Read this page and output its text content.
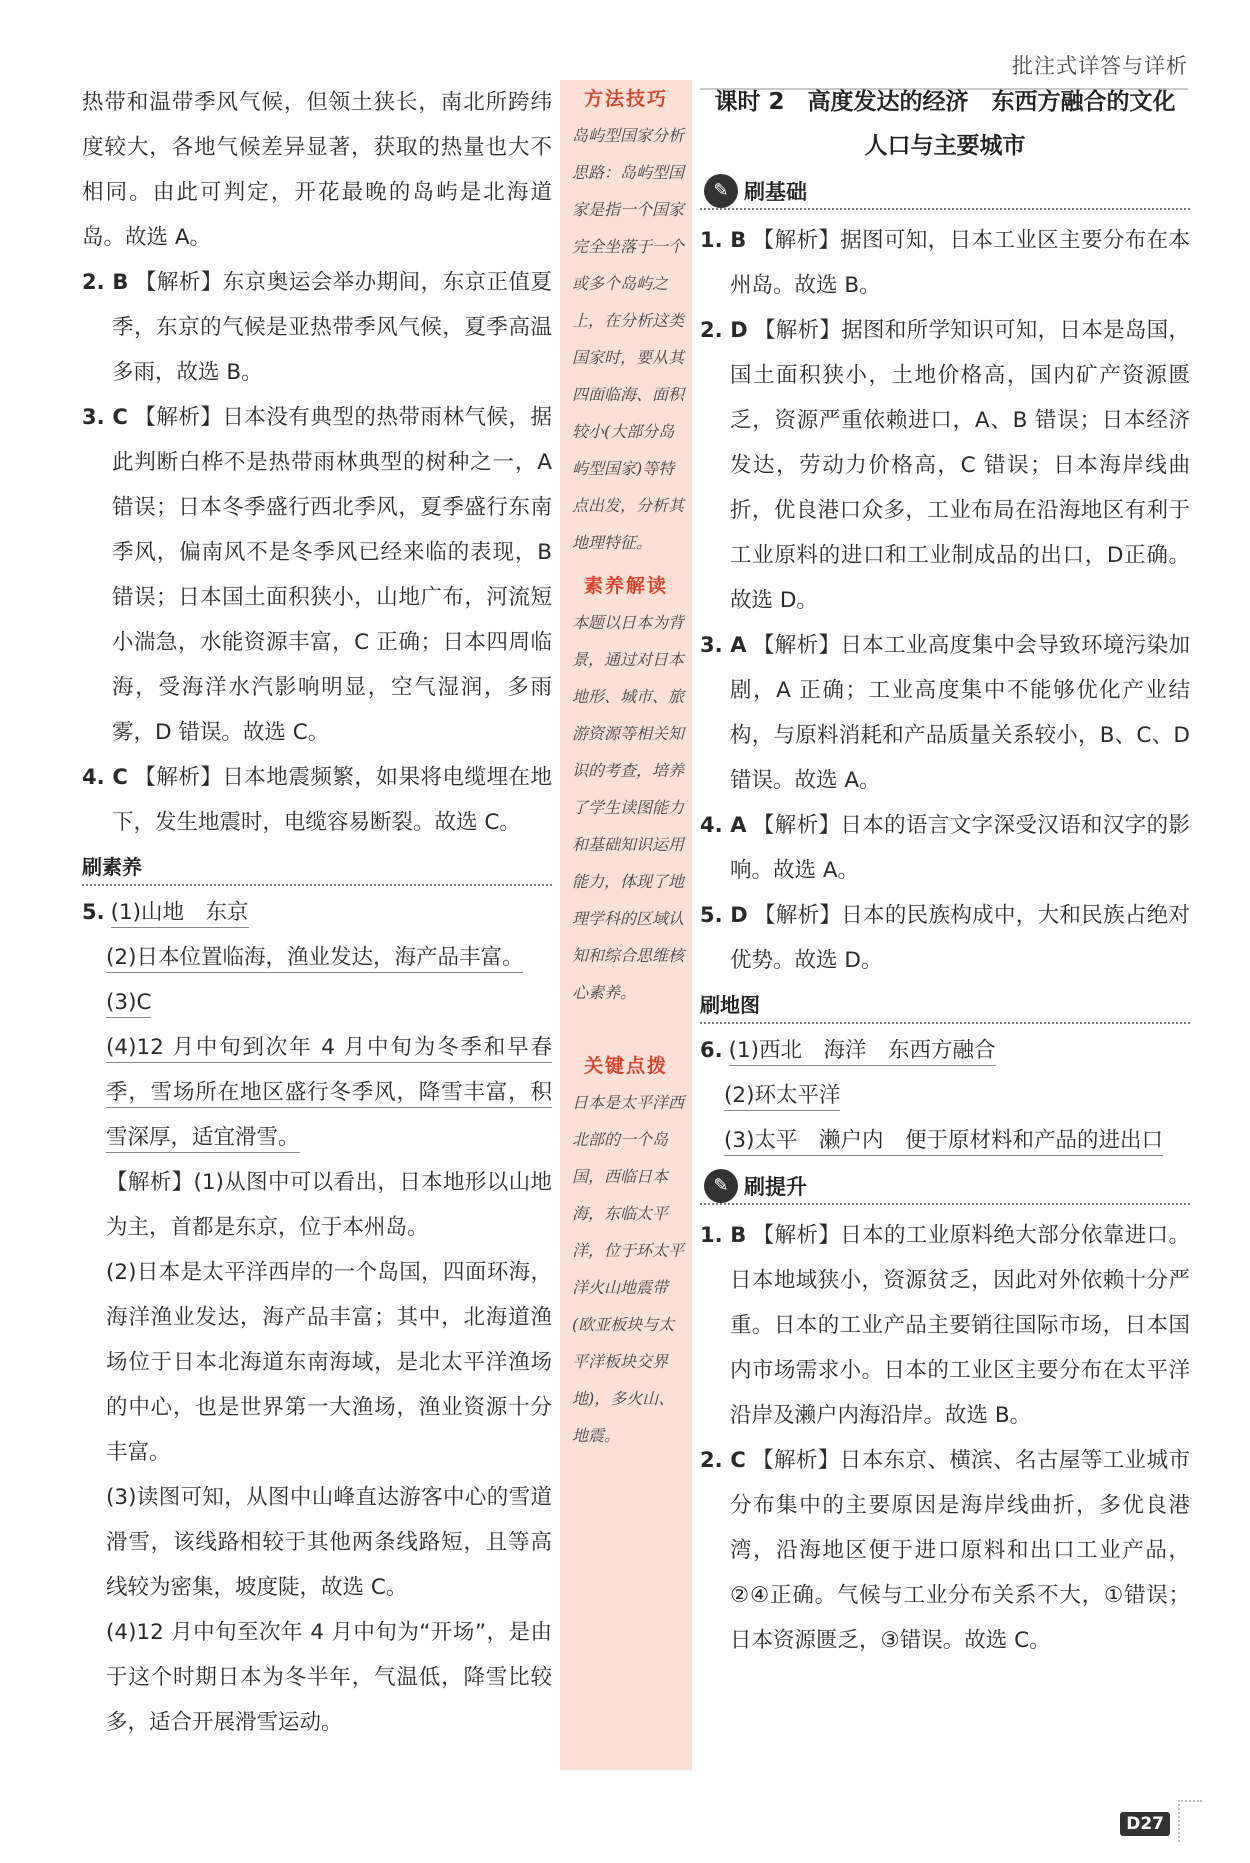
批注式详答与详析
热带和温带季风气候，但领土狭长，南北所跨纬度较大，各地气候差异显著，获取的热量也大不相同。由此可判定，开花最晚的岛屿是北海道岛。故选 A。
2. B 【解析】东京奥运会举办期间，东京正值夏季，东京的气候是亚热带季风气候，夏季高温多雨，故选 B。
3. C 【解析】日本没有典型的热带雨林气候，据此判断白桦不是热带雨林典型的树种之一，A错误；日本冬季盛行西北季风，夏季盛行东南季风，偏南风不是冬季风已经来临的表现，B错误；日本国土面积狭小，山地广布，河流短小湍急，水能资源丰富，C 正确；日本四周临海，受海洋水汽影响明显，空气湿润，多雨雾，D 错误。故选 C。
4. C 【解析】日本地震频繁，如果将电缆埋在地下，发生地震时，电缆容易断裂。故选 C。
刷素养
5. (1)山地　东京
(2)日本位置临海，渔业发达，海产品丰富。
(3)C
(4)12 月中旬到次年 4 月中旬为冬季和早春季，雪场所在地区盛行冬季风，降雪丰富，积雪深厚，适宜滑雪。
【解析】(1)从图中可以看出，日本地形以山地为主，首都是东京，位于本州岛。
(2)日本是太平洋西岸的一个岛国，四面环海，海洋渔业发达，海产品丰富；其中，北海道渔场位于日本北海道东南海域，是北太平洋渔场的中心，也是世界第一大渔场，渔业资源十分丰富。
(3)读图可知，从图中山峰直达游客中心的雪道滑雪，该线路相较于其他两条线路短，且等高线较为密集，坡度陡，故选 C。
(4)12 月中旬至次年 4 月中旬为“开场”，是由于这个时期日本为冬半年，气温低，降雪比较多，适合开展滑雪运动。
方法技巧
岛屿型国家分析思路：岛屿型国家是指一个国家完全坐落于一个或多个岛屿之上，在分析这类国家时，要从其四面临海、面积较小(大部分岛屿型国家)等特点出发，分析其地理特征。
素养解读
本题以日本为背景，通过对日本地形、城市、旅游资源等相关知识的考查，培养了学生读图能力和基础知识运用能力，体现了地理学科的区域认知和综合思维核心素养。
关键点拨
日本是太平洋西北部的一个岛国，西临日本海，东临太平洋，位于环太平洋火山地震带(欧亚板块与太平洋板块交界地)，多火山、地震。
课时 2　高度发达的经济　东西方融合的文化
人口与主要城市
✎ 刷基础
1. B 【解析】据图可知，日本工业区主要分布在本州岛。故选 B。
2. D 【解析】据图和所学知识可知，日本是岛国，国土面积狭小，土地价格高，国内矿产资源匮乏，资源严重依赖进口，A、B 错误；日本经济发达，劳动力价格高，C 错误；日本海岸线曲折，优良港口众多，工业布局在沿海地区有利于工业原料的进口和工业制成品的出口，D正确。故选 D。
3. A 【解析】日本工业高度集中会导致环境污染加剧，A 正确；工业高度集中不能够优化产业结构，与原料消耗和产品质量关系较小，B、C、D 错误。故选 A。
4. A 【解析】日本的语言文字深受汉语和汉字的影响。故选 A。
5. D 【解析】日本的民族构成中，大和民族占绝对优势。故选 D。
刷地图
6. (1)西北　海洋　东西方融合
(2)环太平洋
(3)太平　濑户内　便于原材料和产品的进出口
✎ 刷提升
1. B 【解析】日本的工业原料绝大部分依靠进口。日本地域狭小，资源贫乏，因此对外依赖十分严重。日本的工业产品主要销往国际市场，日本国内市场需求小。日本的工业区主要分布在太平洋沿岸及濑户内海沿岸。故选 B。
2. C 【解析】日本东京、横滨、名古屋等工业城市分布集中的主要原因是海岸线曲折，多优良港湾，沿海地区便于进口原料和出口工业产品，②④正确。气候与工业分布关系不大，①错误；日本资源匮乏，③错误。故选 C。
D27
